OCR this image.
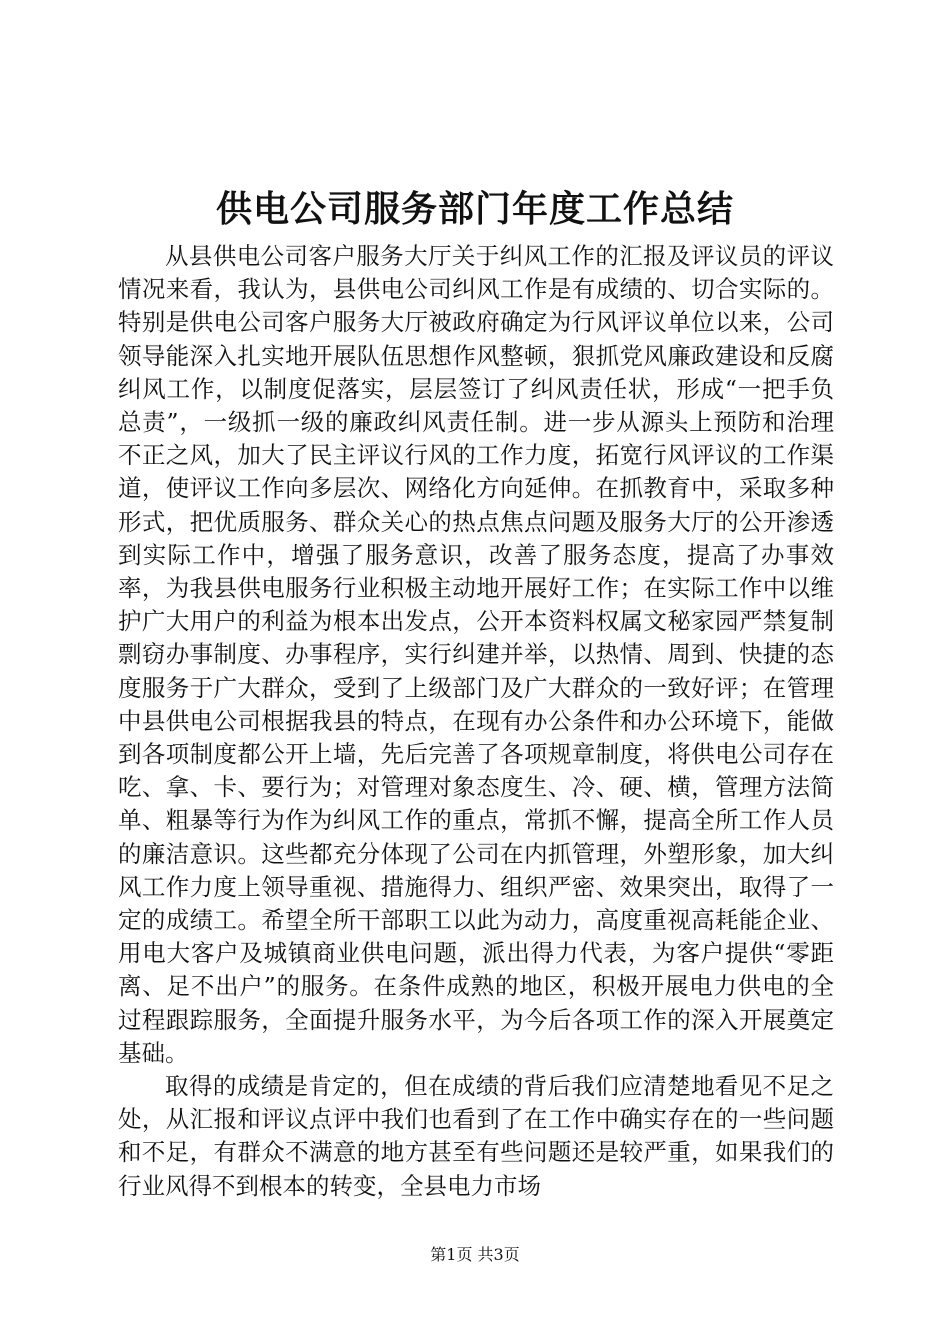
供电公司服务部门年度工作总结

从县供电公司客户服务大厅关于纠风工作的汇报及评议员的评议情况来看，我认为，县供电公司纠风工作是有成绩的、切合实际的。特别是供电公司客户服务大厅被政府确定为行风评议单位以来，公司领导能深入扎实地开展队伍思想作风整顿，狠抓党风廉政建设和反腐纠风工作，以制度促落实，层层签订了纠风责任状，形成“一把手负总责”，一级抓一级的廉政纠风责任制。进一步从源头上预防和治理不正之风，加大了民主评议行风的工作力度，拓宽行风评议的工作渠道，使评议工作向多层次、网络化方向延伸。在抓教育中，采取多种形式，把优质服务、群众关心的热点焦点问题及服务大厅的公开渗透到实际工作中，增强了服务意识，改善了服务态度，提高了办事效率，为我县供电服务行业积极主动地开展好工作；在实际工作中以维护广大用户的利益为根本出发点，公开本资料权属文秘家园严禁复制剽窃办事制度、办事程序，实行纠建并举，以热情、周到、快捷的态度服务于广大群众，受到了上级部门及广大群众的一致好评；在管理中县供电公司根据我县的特点，在现有办公条件和办公环境下，能做到各项制度都公开上墙，先后完善了各项规章制度，将供电公司存在吃、拿、卡、要行为；对管理对象态度生、冷、硬、横，管理方法简单、粗暴等行为作为纠风工作的重点，常抓不懈，提高全所工作人员的廉洁意识。这些都充分体现了公司在内抓管理，外塑形象，加大纠风工作力度上领导重视、措施得力、组织严密、效果突出，取得了一定的成绩工。希望全所干部职工以此为动力，高度重视高耗能企业、用电大客户及城镇商业供电问题，派出得力代表，为客户提供“零距离、足不出户”的服务。在条件成熟的地区，积极开展电力供电的全过程跟踪服务，全面提升服务水平，为今后各项工作的深入开展奠定基础。

取得的成绩是肯定的，但在成绩的背后我们应清楚地看见不足之处，从汇报和评议点评中我们也看到了在工作中确实存在的一些问题和不足，有群众不满意的地方甚至有些问题还是较严重，如果我们的行业风得不到根本的转变，全县电力市场

第1页 共3页
